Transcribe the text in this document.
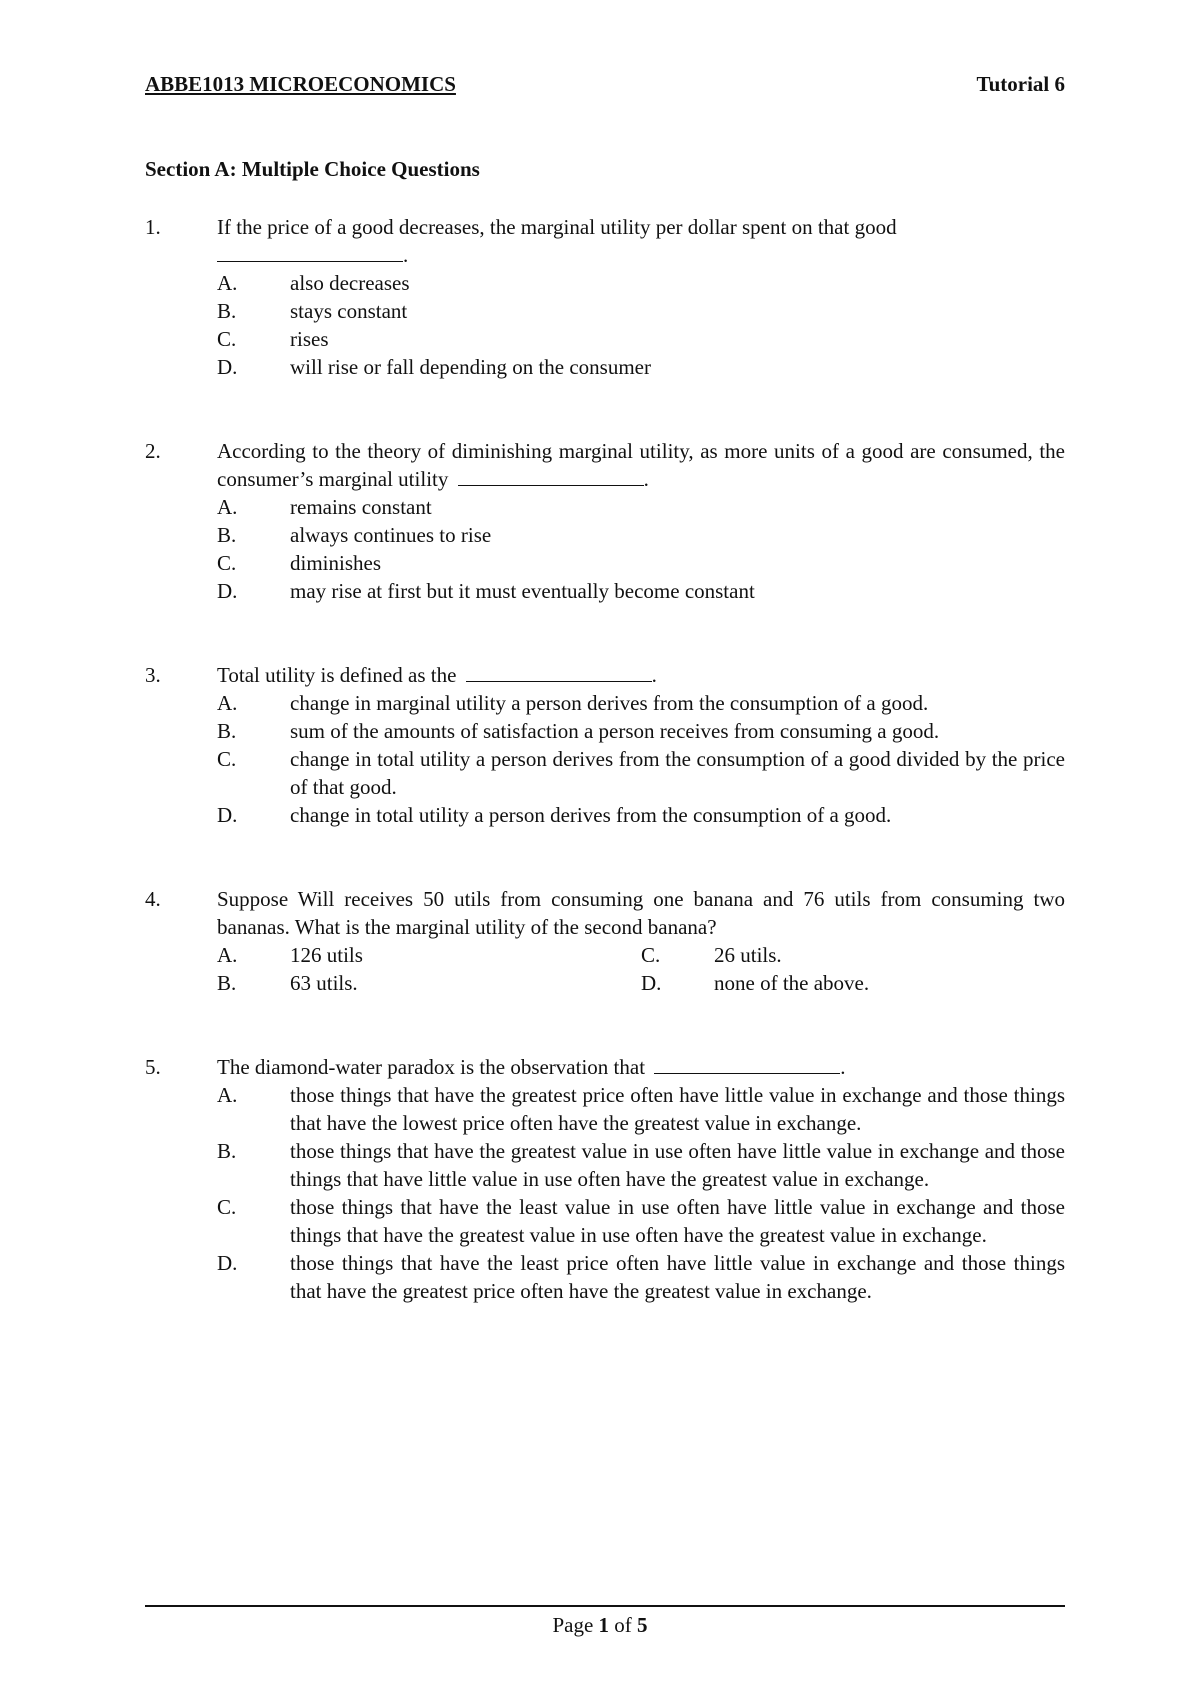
ABBE1013 MICROECONOMICS	Tutorial 6
Section A: Multiple Choice Questions
1.	If the price of a good decreases, the marginal utility per dollar spent on that good
.
A.	also decreases
B.	stays constant
C.	rises
D.	will rise or fall depending on the consumer
2.	According to the theory of diminishing marginal utility, as more units of a good are consumed, the consumer’s marginal utility	.
A.	remains constant
B.	always continues to rise
C.	diminishes
D.	may rise at first but it must eventually become constant
3.	Total utility is defined as the	.
A.	change in marginal utility a person derives from the consumption of a good.
B.	sum of the amounts of satisfaction a person receives from consuming a good.
C.	change in total utility a person derives from the consumption of a good divided by the price of that good.
D.	change in total utility a person derives from the consumption of a good.
4.	Suppose Will receives 50 utils from consuming one banana and 76 utils from consuming two bananas. What is the marginal utility of the second banana?
A.	126 utils
B.	63 utils.
C.	26 utils.
D.	none of the above.
5.	The diamond-water paradox is the observation that	.
A.	those things that have the greatest price often have little value in exchange and those things that have the lowest price often have the greatest value in exchange.
B.	those things that have the greatest value in use often have little value in exchange and those things that have little value in use often have the greatest value in exchange.
C.	those things that have the least value in use often have little value in exchange and those things that have the greatest value in use often have the greatest value in exchange.
D.	those things that have the least price often have little value in exchange and those things that have the greatest price often have the greatest value in exchange.
Page 1 of 5
